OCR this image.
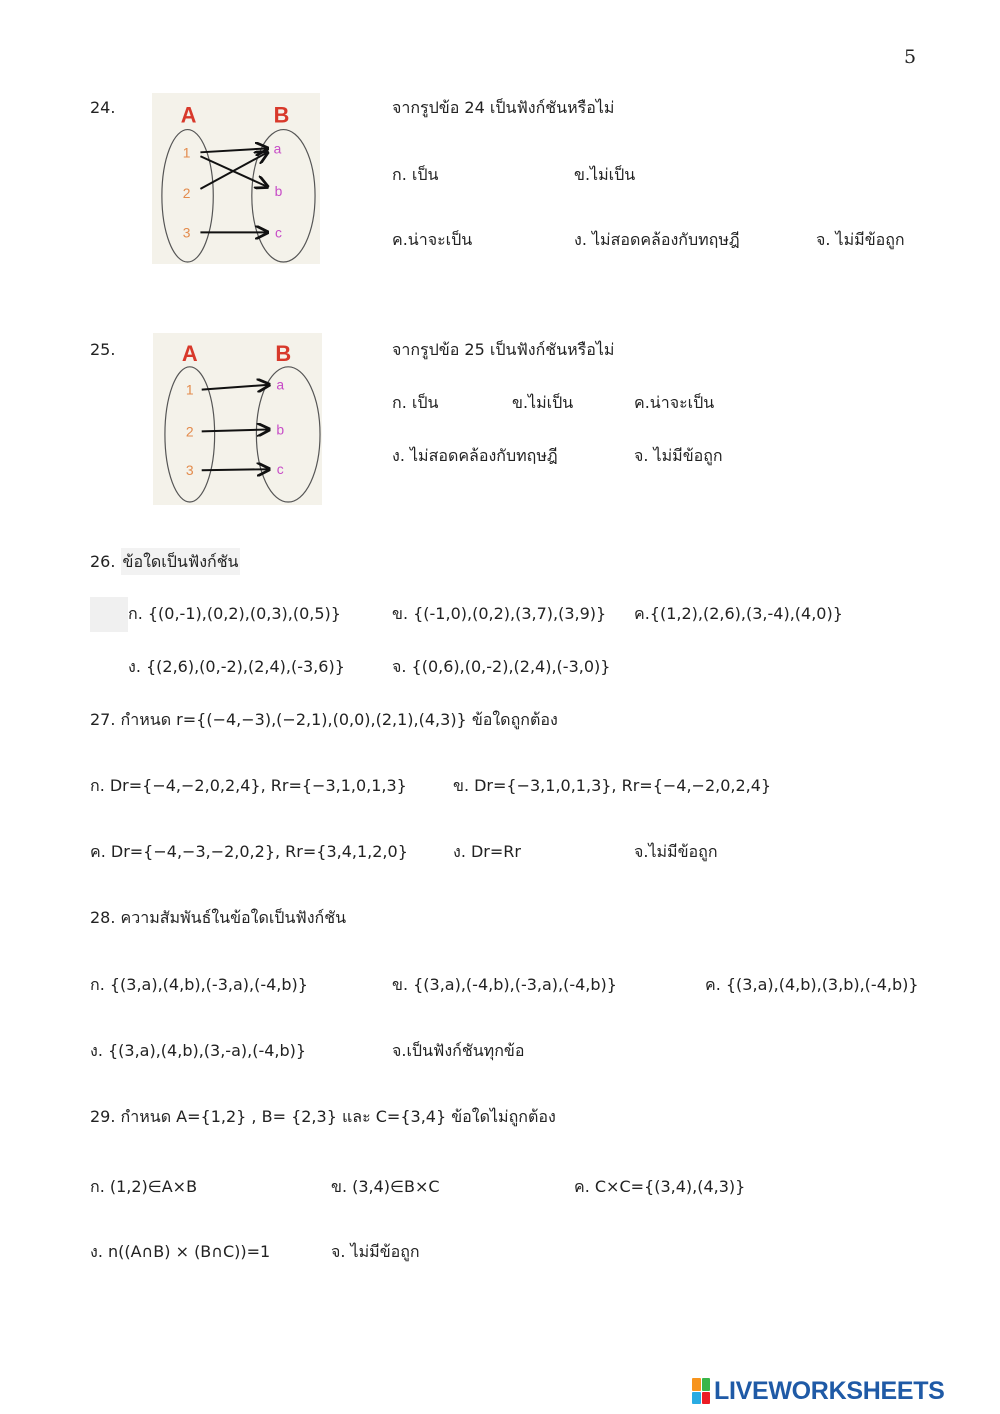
5
24.	A	B
1
2
3
a
b
c
จากรูปข้อ 24 เป็นฟังก์ชันหรือไม่
ก. เป็น	ข.ไม่เป็น
ค.น่าจะเป็น	ง. ไม่สอดคล้องกับทฤษฎี	จ. ไม่มีข้อถูก
25.	A	B
1
2
3
a
b
c
จากรูปข้อ 25 เป็นฟังก์ชันหรือไม่
ก. เป็น	ข.ไม่เป็น	ค.น่าจะเป็น
ง. ไม่สอดคล้องกับทฤษฎี	จ. ไม่มีข้อถูก
26. ข้อใดเป็นฟังก์ชัน
ก. {(0,-1),(0,2),(0,3),(0,5)}	ข. {(-1,0),(0,2),(3,7),(3,9)} ค.{(1,2),(2,6),(3,-4),(4,0)}
ง. {(2,6),(0,-2),(2,4),(-3,6)}	จ. {(0,6),(0,-2),(2,4),(-3,0)}
27. กำหนด r={(−4,−3),(−2,1),(0,0),(2,1),(4,3)} ข้อใดถูกต้อง
ก. Dr={−4,−2,0,2,4}, Rr={−3,1,0,1,3}	ข. Dr={−3,1,0,1,3}, Rr={−4,−2,0,2,4}
ค. Dr={−4,−3,−2,0,2}, Rr={3,4,1,2,0}	ง. Dr=Rr	จ.ไม่มีข้อถูก
28. ความสัมพันธ์ในข้อใดเป็นฟังก์ชัน
ก. {(3,a),(4,b),(-3,a),(-4,b)}	ข. {(3,a),(-4,b),(-3,a),(-4,b)}	ค. {(3,a),(4,b),(3,b),(-4,b)}
ง. {(3,a),(4,b),(3,-a),(-4,b)}	จ.เป็นฟังก์ชันทุกข้อ
29. กำหนด A={1,2} , B= {2,3} และ C={3,4} ข้อใดไม่ถูกต้อง
ก. (1,2)∈A×B	ข. (3,4)∈B×C	ค. C×C={(3,4),(4,3)}
ง. n((A∩B) × (B∩C))=1	จ. ไม่มีข้อถูก
LIVEWORKSHEETS
